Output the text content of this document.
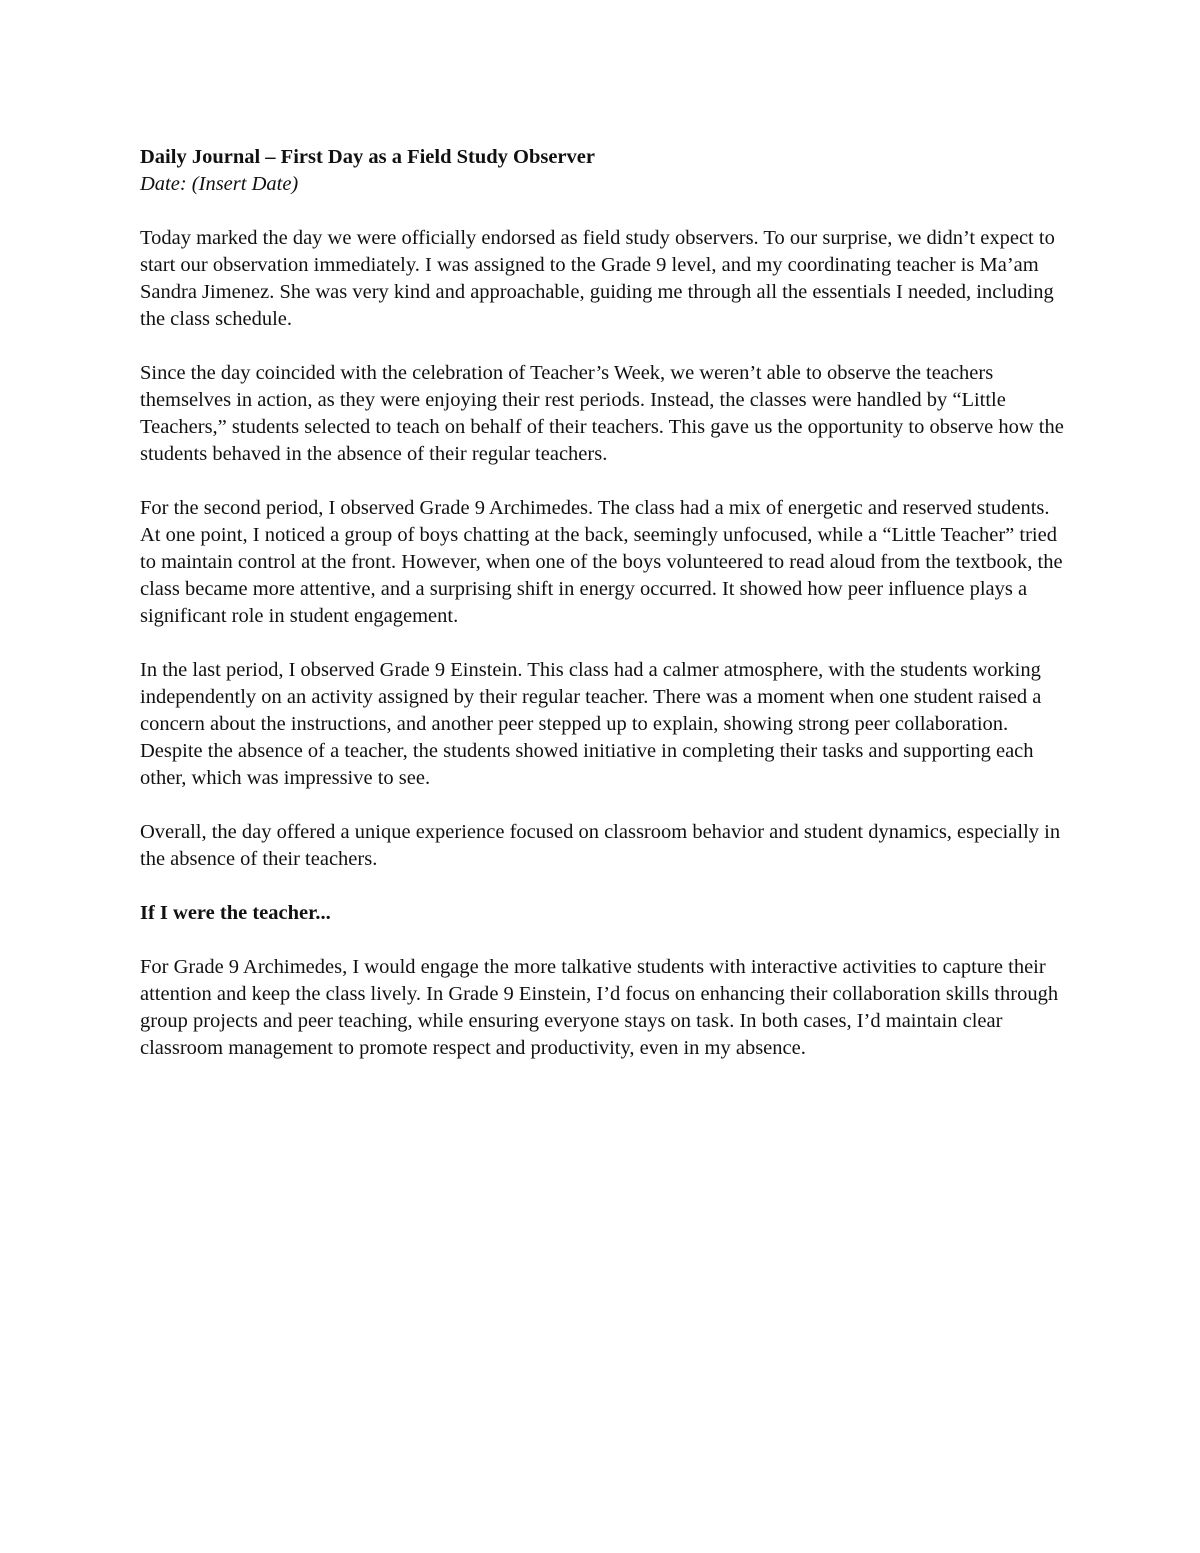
Daily Journal – First Day as a Field Study Observer

Date: (Insert Date)

Today marked the day we were officially endorsed as field study observers. To our surprise, we didn’t expect to start our observation immediately. I was assigned to the Grade 9 level, and my coordinating teacher is Ma’am Sandra Jimenez. She was very kind and approachable, guiding me through all the essentials I needed, including the class schedule.

Since the day coincided with the celebration of Teacher’s Week, we weren’t able to observe the teachers themselves in action, as they were enjoying their rest periods. Instead, the classes were handled by “Little Teachers,” students selected to teach on behalf of their teachers. This gave us the opportunity to observe how the students behaved in the absence of their regular teachers.

For the second period, I observed Grade 9 Archimedes. The class had a mix of energetic and reserved students. At one point, I noticed a group of boys chatting at the back, seemingly unfocused, while a “Little Teacher” tried to maintain control at the front. However, when one of the boys volunteered to read aloud from the textbook, the class became more attentive, and a surprising shift in energy occurred. It showed how peer influence plays a significant role in student engagement.

In the last period, I observed Grade 9 Einstein. This class had a calmer atmosphere, with the students working independently on an activity assigned by their regular teacher. There was a moment when one student raised a concern about the instructions, and another peer stepped up to explain, showing strong peer collaboration. Despite the absence of a teacher, the students showed initiative in completing their tasks and supporting each other, which was impressive to see.

Overall, the day offered a unique experience focused on classroom behavior and student dynamics, especially in the absence of their teachers.

If I were the teacher...

For Grade 9 Archimedes, I would engage the more talkative students with interactive activities to capture their attention and keep the class lively. In Grade 9 Einstein, I’d focus on enhancing their collaboration skills through group projects and peer teaching, while ensuring everyone stays on task. In both cases, I’d maintain clear classroom management to promote respect and productivity, even in my absence.
